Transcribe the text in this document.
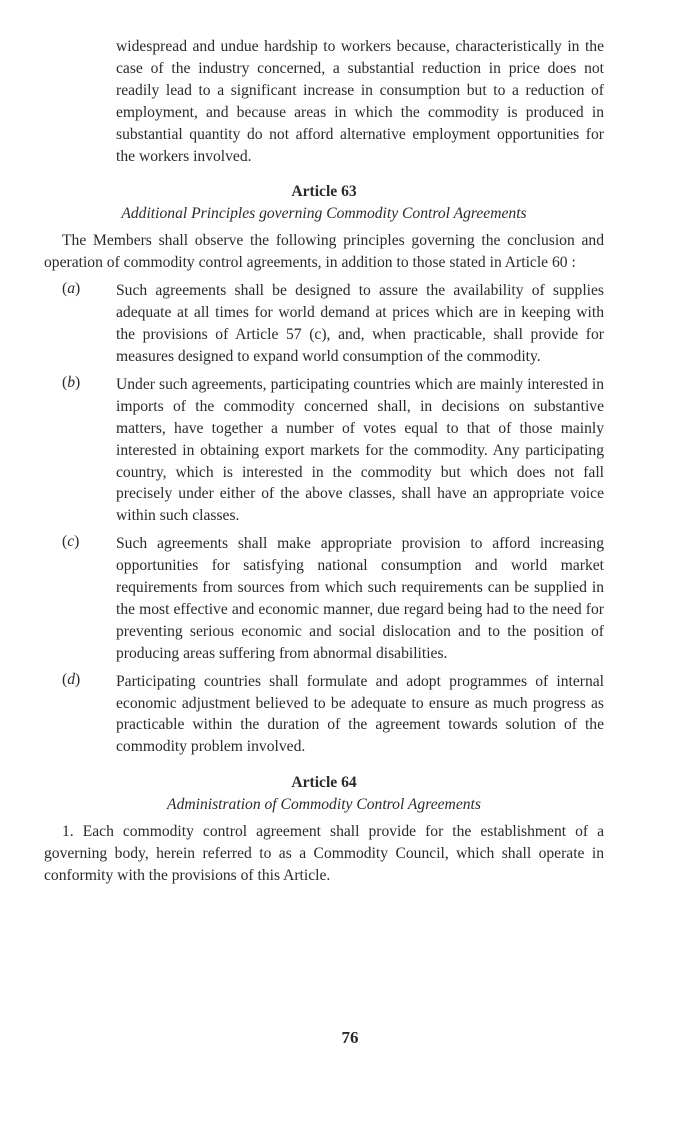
widespread and undue hardship to workers because, characteristically in the case of the industry concerned, a substantial reduction in price does not readily lead to a significant increase in consumption but to a reduction of employment, and because areas in which the commodity is produced in substantial quantity do not afford alternative employment opportunities for the workers involved.

Article 63

Additional Principles governing Commodity Control Agreements

The Members shall observe the following principles governing the conclusion and operation of commodity control agreements, in addition to those stated in Article 60 :

(a) Such agreements shall be designed to assure the availability of supplies adequate at all times for world demand at prices which are in keeping with the provisions of Article 57 (c), and, when practicable, shall provide for measures designed to expand world consumption of the commodity.

(b) Under such agreements, participating countries which are mainly interested in imports of the commodity concerned shall, in decisions on substantive matters, have together a number of votes equal to that of those mainly interested in obtaining export markets for the commodity. Any participating country, which is interested in the commodity but which does not fall precisely under either of the above classes, shall have an appropriate voice within such classes.

(c) Such agreements shall make appropriate provision to afford increasing opportunities for satisfying national consumption and world market requirements from sources from which such requirements can be supplied in the most effective and economic manner, due regard being had to the need for preventing serious economic and social dislocation and to the position of producing areas suffering from abnormal disabilities.

(d) Participating countries shall formulate and adopt programmes of internal economic adjustment believed to be adequate to ensure as much progress as practicable within the duration of the agreement towards solution of the commodity problem involved.

Article 64

Administration of Commodity Control Agreements

1. Each commodity control agreement shall provide for the establishment of a governing body, herein referred to as a Commodity Council, which shall operate in conformity with the provisions of this Article.

76
